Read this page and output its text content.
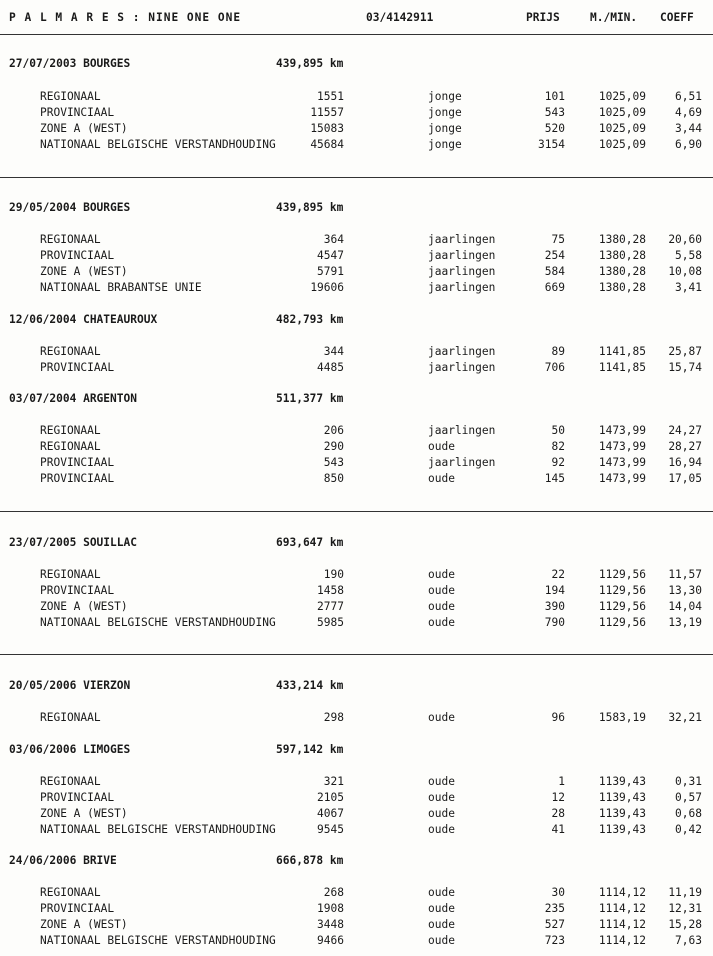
P A L M A R E S : NINE ONE ONE	03/4142911	PRIJS	M./MIN. COEFF
27/07/2003 BOURGES	439,895 km
REGIONAAL	1551	jonge	101	1025,09	6,51
PROVINCIAAL	11557	jonge	543	1025,09	4,69
ZONE A (WEST)	15083	jonge	520	1025,09	3,44
NATIONAAL BELGISCHE VERSTANDHOUDING	45684	jonge	3154	1025,09	6,90
29/05/2004 BOURGES	439,895 km
REGIONAAL	364	jaarlingen	75	1380,28 20,60
PROVINCIAAL	4547	jaarlingen	254	1380,28	5,58
ZONE A (WEST)	5791	jaarlingen	584	1380,28 10,08
NATIONAAL BRABANTSE UNIE	19606	jaarlingen	669	1380,28	3,41
12/06/2004 CHATEAUROUX	482,793 km
REGIONAAL	344	jaarlingen	89	1141,85 25,87
PROVINCIAAL	4485	jaarlingen	706	1141,85 15,74
03/07/2004 ARGENTON	511,377 km
REGIONAAL	206	jaarlingen	50	1473,99 24,27
REGIONAAL	290	oude	82	1473,99 28,27
PROVINCIAAL	543	jaarlingen	92	1473,99 16,94
PROVINCIAAL	850	oude	145	1473,99 17,05
23/07/2005 SOUILLAC	693,647 km
REGIONAAL	190	oude	22	1129,56 11,57
PROVINCIAAL	1458	oude	194	1129,56 13,30
ZONE A (WEST)	2777	oude	390	1129,56 14,04
NATIONAAL BELGISCHE VERSTANDHOUDING	5985	oude	790	1129,56 13,19
20/05/2006 VIERZON	433,214 km
REGIONAAL	298	oude	96	1583,19 32,21
03/06/2006 LIMOGES	597,142 km
REGIONAAL	321	oude	1	1139,43	0,31
PROVINCIAAL	2105	oude	12	1139,43	0,57
ZONE A (WEST)	4067	oude	28	1139,43	0,68
NATIONAAL BELGISCHE VERSTANDHOUDING	9545	oude	41	1139,43	0,42
24/06/2006 BRIVE	666,878 km
REGIONAAL	268	oude	30	1114,12 11,19
PROVINCIAAL	1908	oude	235	1114,12 12,31
ZONE A (WEST)	3448	oude	527	1114,12 15,28
NATIONAAL BELGISCHE VERSTANDHOUDING	9466	oude	723	1114,12	7,63
